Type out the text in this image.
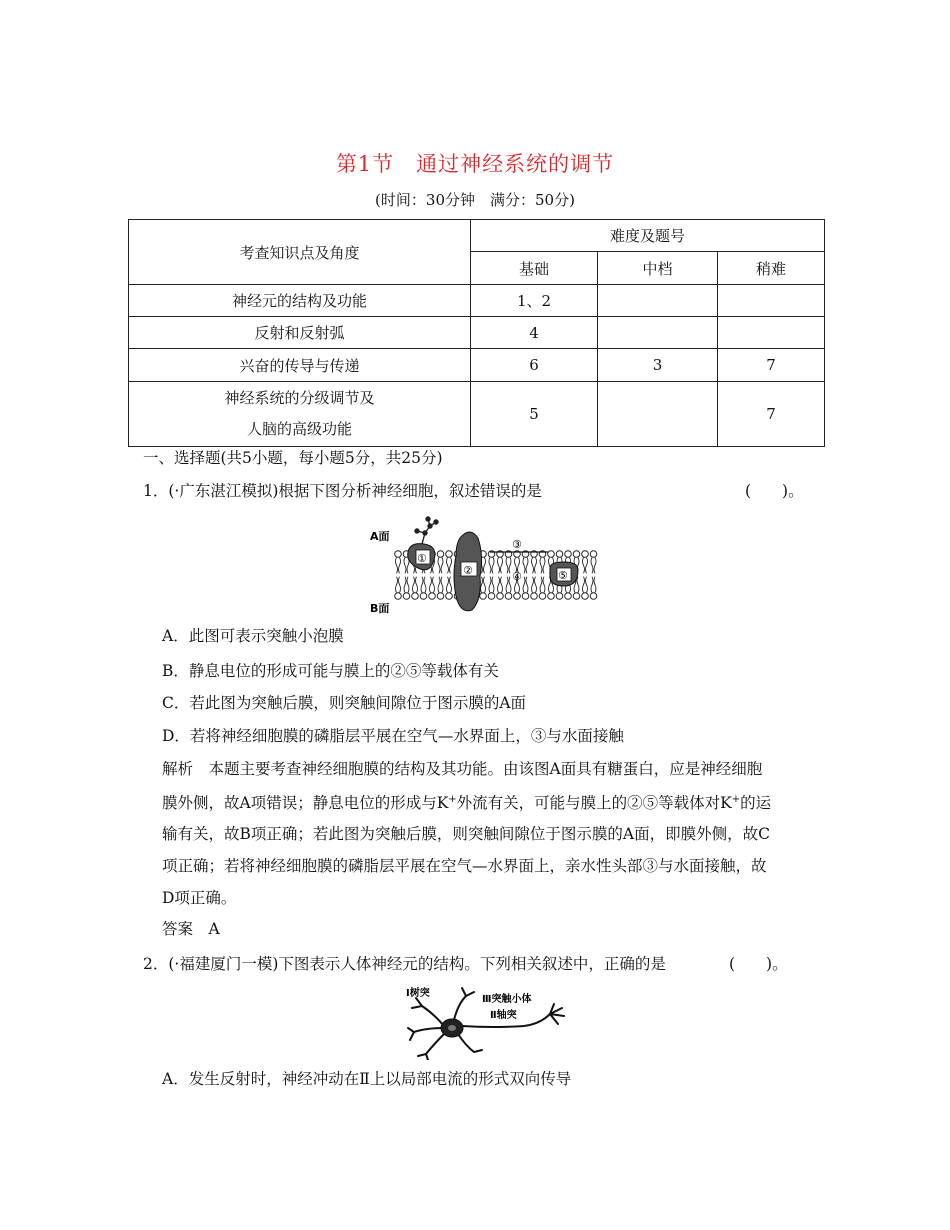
第1节　通过神经系统的调节
(时间：30分钟　满分：50分)
考查知识点及角度	难度及题号		
	基础	中档	稍难
神经元的结构及功能	1、2		
反射和反射弧	4		
兴奋的传导与传递	6	3	7

神经系统的分级调节及
人脑的高级功能	5		7
一、选择题(共5小题，每小题5分，共25分)
1．(·广东湛江模拟)根据下图分析神经细胞，叙述错误的是	(　　)。
A面
B面
①
②
③
④	⑤
A．此图可表示突触小泡膜
B．静息电位的形成可能与膜上的②⑤等载体有关
C．若此图为突触后膜，则突触间隙位于图示膜的A面
D．若将神经细胞膜的磷脂层平展在空气—水界面上，③与水面接触
解析　本题主要考查神经细胞膜的结构及其功能。由该图A面具有糖蛋白，应是神经细胞
膜外侧，故A项错误；静息电位的形成与K+外流有关，可能与膜上的②⑤等载体对K+的运
输有关，故B项正确；若此图为突触后膜，则突触间隙位于图示膜的A面，即膜外侧，故C
项正确；若将神经细胞膜的磷脂层平展在空气—水界面上，亲水性头部③与水面接触，故
D项正确。
答案　A
2．(·福建厦门一模)下图表示人体神经元的结构。下列相关叙述中，正确的是	(　　)。
Ⅰ树突
Ⅲ突触小体
Ⅱ轴突
A．发生反射时，神经冲动在Ⅱ上以局部电流的形式双向传导
